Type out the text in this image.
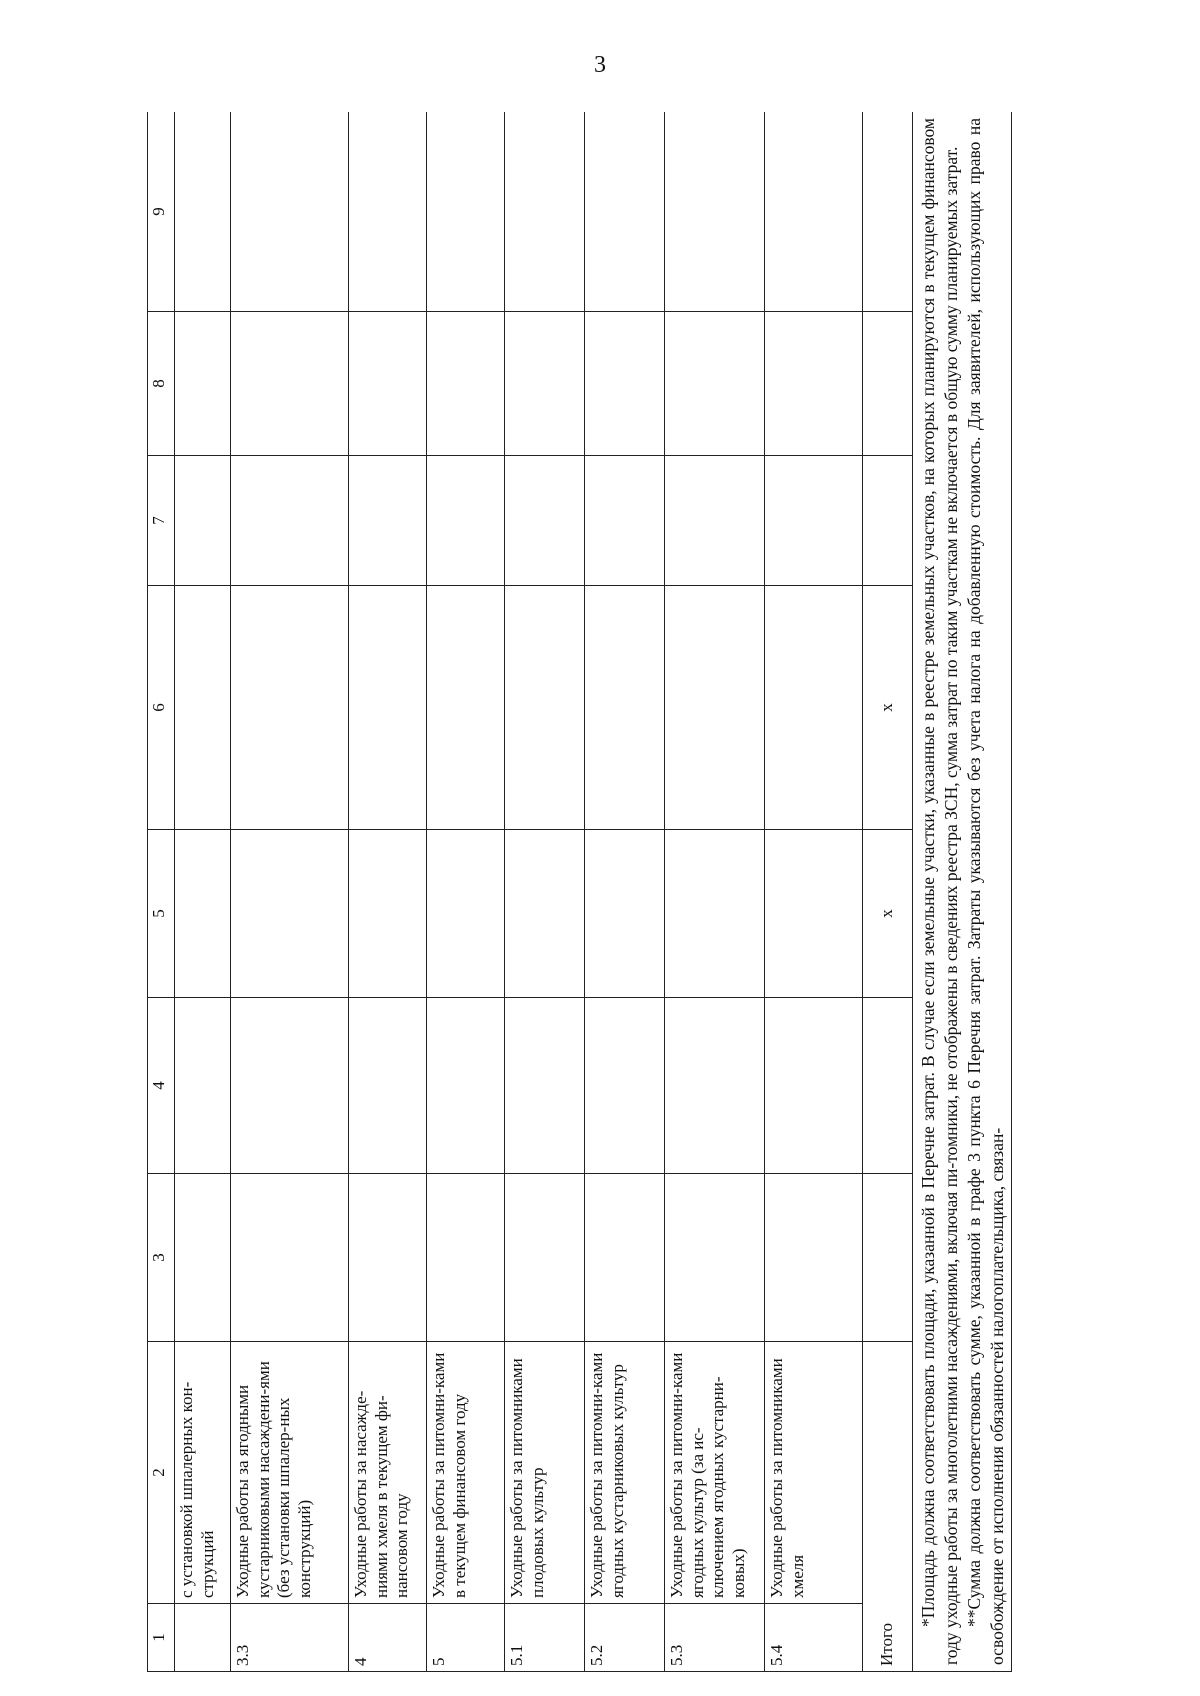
3
1	2	3	4	5	6	7	8	9
	с установкой шпалерных кон-струкций							
3.3	Уходные работы за ягодными кустарниковыми насаждени-ями (без установки шпалер-ных конструкций)							
4	Уходные работы за насажде-ниями хмеля в текущем фи-нансовом году							
5	Уходные работы за питомни-ками в текущем финансовом году							
5.1	Уходные работы за питомниками плодовых культур							
5.2	Уходные работы за питомни-ками ягодных кустарниковых культур							
5.3	Уходные работы за питомни-ками ягодных культур (за ис-ключением ягодных кустарни-ковых)							
5.4	Уходные работы за питомниками хмеля							
Итого				х	х			

*Площадь должна соответствовать площади, указанной в Перечне затрат. В случае если земельные участки, указанные в реестре земельных участков, на которых планируются в текущем финансовом году уходные работы за многолетними насаждениями, включая пи-томники, не отображены в сведениях реестра ЗСН, сумма затрат по таким участкам не включается в общую сумму планируемых затрат. **Сумма должна соответствовать сумме, указанной в графе 3 пункта 6 Перечня затрат. Затраты указываются без учета налога на добавленную стоимость. Для заявителей, использующих право на освобождение от исполнения обязанностей налогоплательщика, связан-								
